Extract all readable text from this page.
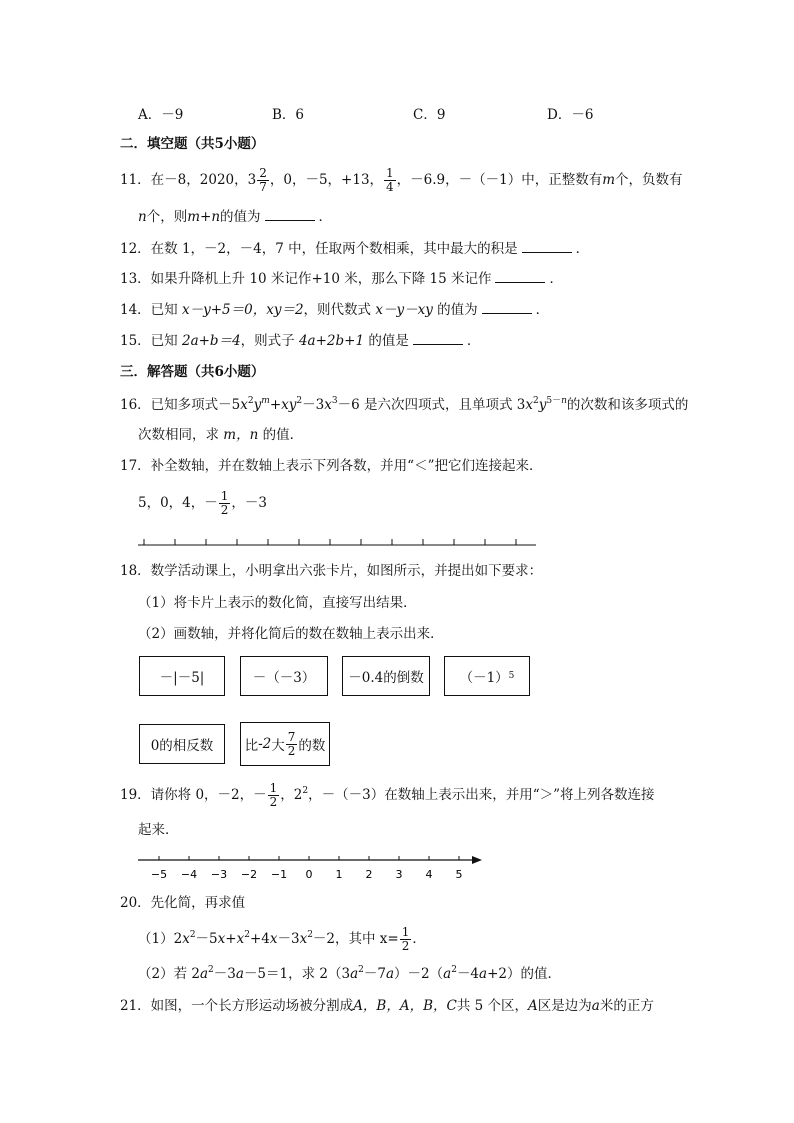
A．－9	B．6	C．9	D．－6
二．填空题（共5小题）
11．在－8，2020，$3 \frac{2}{7}$ ，0，－5，+13， $\frac{1}{4}$ ，－6.9，－（－1）中，正整数有m个，负数有
n个，则m+n的值为	．
12．在数 1，－2，－4，7 中，任取两个数相乘，其中最大的积是	．
13．如果升降机上升 10 米记作+10 米，那么下降 15 米记作	．
14．已知 x－y+5＝0，xy＝2，则代数式 x－y－xy 的值为	．
15．已知 2a+b＝4，则式子 4a+2b+1 的值是	．
三．解答题（共6小题）
16．已知多项式$-5x^2y^m+xy^2-3x^3-6$ 是六次四项式，且单项式 $3x^2y^{5-n}$的次数和该多项式的
次数相同，求 m，n 的值．
17．补全数轴，并在数轴上表示下列各数，并用“＜”把它们连接起来．
5，0，4，－ $\frac{1}{2}$ ，－3
18．数学活动课上，小明拿出六张卡片，如图所示，并提出如下要求：
（1）将卡片上表示的数化简，直接写出结果．
（2）画数轴，并将化简后的数在数轴上表示出来．
－|－5|	－（－3）	－0.4的倒数	（－1） 5
0的相反数	比 -2 大 $\frac{7}{2}$ 的数
19．请你将 0，－2，－ $\frac{1}{2}$ ，$2^2$，－（－3）在数轴上表示出来，并用“＞”将上列各数连接
起来．
−5 −4 −3 −2 −1 0 1 2 3 4 5
20．先化简，再求值
$(1)2x^2-5x+x^2+4x-3x^2-2$，其中 $x= \frac{1}{2}$ ．
（2）若 $2a^2-3a-5=1$，求 $2(3a^2-7a)-2(a^2-4a+2)$的值．
21．如图，一个长方形运动场被分割成A，B，A，B，C共 5 个区，A区是边为a米的正方
